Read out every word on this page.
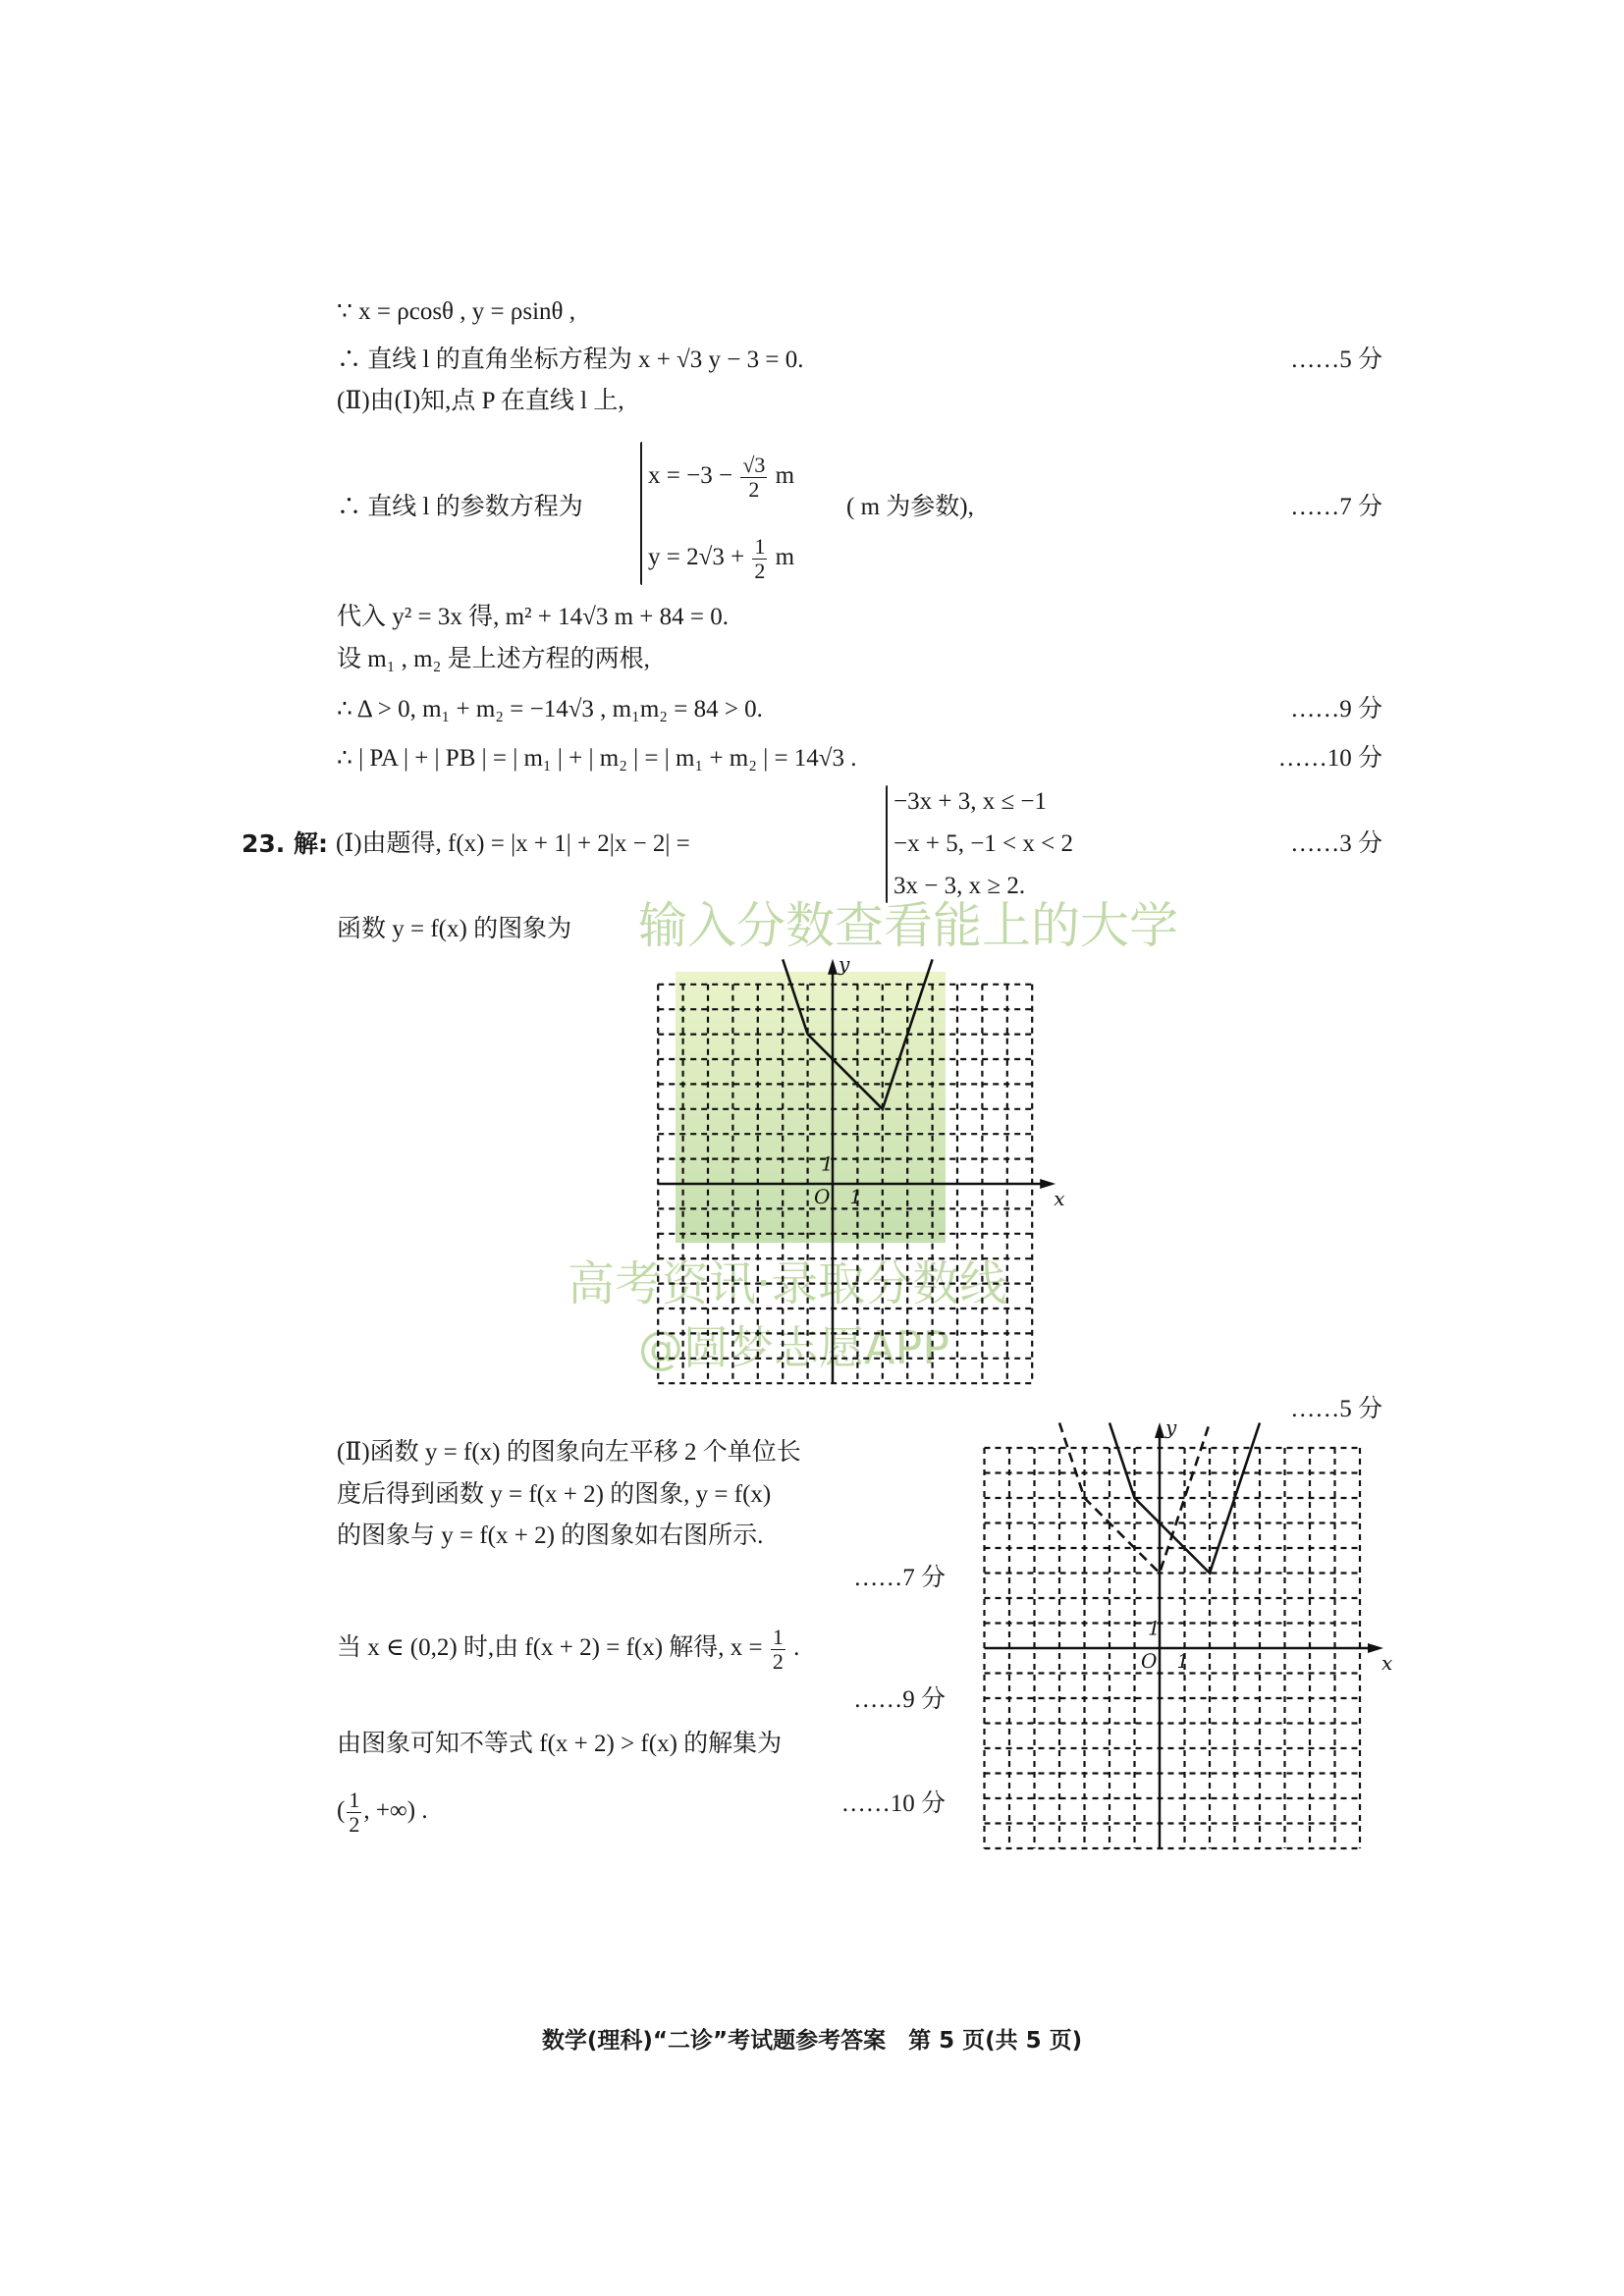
∵ x = ρcosθ , y = ρsinθ ,
∴ 直线 l 的直角坐标方程为 x + √3 y − 3 = 0.	……5 分
(Ⅱ)由(Ⅰ)知,点 P 在直线 l 上,
∴ 直线 l 的参数方程为
$x = -3 - \frac{√3}{2}$ m
$y = 2√3 + \frac{1}{2}$ m
( m 为参数),	……7 分
代入 y² = 3x 得, m² + 14√3 m + 84 = 0.
设 m₁ , m₂ 是上述方程的两根,
∴ Δ > 0, m₁ + m₂ = −14√3 , m₁m₂ = 84 > 0.	……9 分
∴ | PA | + | PB | = | m₁ | + | m₂ | = | m₁ + m₂ | = 14√3 .	……10 分
23. 解: (Ⅰ)由题得, f(x) = |x + 1| + 2|x − 2| =
−3x + 3, x ≤ −1
−x + 5, −1 < x < 2
3x − 3, x ≥ 2.
……3 分
函数 y = f(x) 的图象为 输入分数查看能上的大学
高考资讯·录取分数线
@圆梦志愿APP
x
y
O 1
1
x
y
O 1
1
……5 分
(Ⅱ)函数 y = f(x) 的图象向左平移 2 个单位长
度后得到函数 y = f(x + 2) 的图象, y = f(x)
的图象与 y = f(x + 2) 的图象如右图所示.
……7 分
当 x ∈ (0,2) 时,由 f(x + 2) = f(x) 解得, $x = \frac{1}{2}$ .
……9 分
由图象可知不等式 f(x + 2) > f(x) 的解集为
( $\frac{1}{2}$ , +∞) .	……10 分
数学(理科)“二诊”考试题参考答案　第 5 页(共 5 页)
